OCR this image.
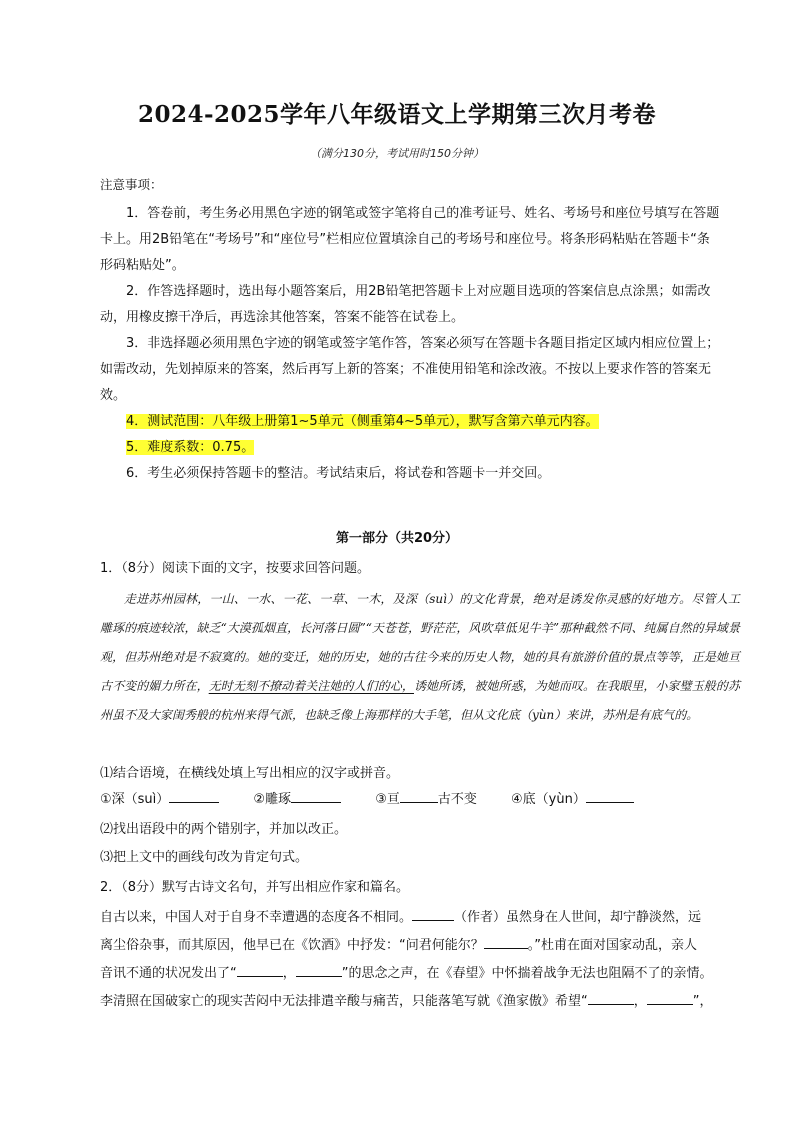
2024-2025学年八年级语文上学期第三次月考卷
（满分130分，考试用时150分钟）
注意事项：

1．答卷前，考生务必用黑色字迹的钢笔或签字笔将自己的准考证号、姓名、考场号和座位号填写在答题卡上。用2B铅笔在“考场号”和“座位号”栏相应位置填涂自己的考场号和座位号。将条形码粘贴在答题卡“条形码粘贴处”。

2．作答选择题时，选出每小题答案后，用2B铅笔把答题卡上对应题目选项的答案信息点涂黑；如需改动，用橡皮擦干净后，再选涂其他答案，答案不能答在试卷上。

3．非选择题必须用黑色字迹的钢笔或签字笔作答，答案必须写在答题卡各题目指定区域内相应位置上；如需改动，先划掉原来的答案，然后再写上新的答案；不准使用铅笔和涂改液。不按以上要求作答的答案无效。

4．测试范围：八年级上册第1~5单元（侧重第4~5单元），默写含第六单元内容。

5．难度系数：0.75。

6．考生必须保持答题卡的整洁。考试结束后，将试卷和答题卡一并交回。

第一部分（共20分）
1．（8分）阅读下面的文字，按要求回答问题。

走进苏州园林，一山、一水、一花、一草、一木，及深（suì）的文化背景，绝对是诱发你灵感的好地方。尽管人工雕琢的痕迹较浓，缺乏“大漠孤烟直，长河落日圆”“天苍苍，野茫茫，风吹草低见牛羊”那种截然不同、纯属自然的异域景观，但苏州绝对是不寂寞的。她的变迁，她的历史，她的古往今来的历史人物，她的具有旅游价值的景点等等，正是她亘古不变的媚力所在，无时无刻不撩动着关注她的人们的心，诱她所诱，被她所惑，为她而叹。在我眼里，小家璧玉般的苏州虽不及大家闺秀般的杭州来得气派，也缺乏像上海那样的大手笔，但从文化底（yùn）来讲，苏州是有底气的。

⑴结合语境，在横线处填上写出相应的汉字或拼音。
①深（suì）	②雕琢	③亘	古不变	④底（yùn）
⑵找出语段中的两个错别字，并加以改正。
⑶把上文中的画线句改为肯定句式。
2．（8分）默写古诗文名句，并写出相应作家和篇名。

自古以来，中国人对于自身不幸遭遇的态度各不相同。	（作者）虽然身在人世间，却宁静淡然，远

离尘俗杂事，而其原因，他早已在《饮酒》中抒发：“问君何能尔？	。”杜甫在面对国家动乱，亲人

音讯不通的状况发出了“	，	”的思念之声，在《春望》中怀揣着战争无法也阻隔不了的亲情。

李清照在国破家亡的现实苦闷中无法排遣辛酸与痛苦，只能落笔写就《渔家傲》希望“	，	”，
